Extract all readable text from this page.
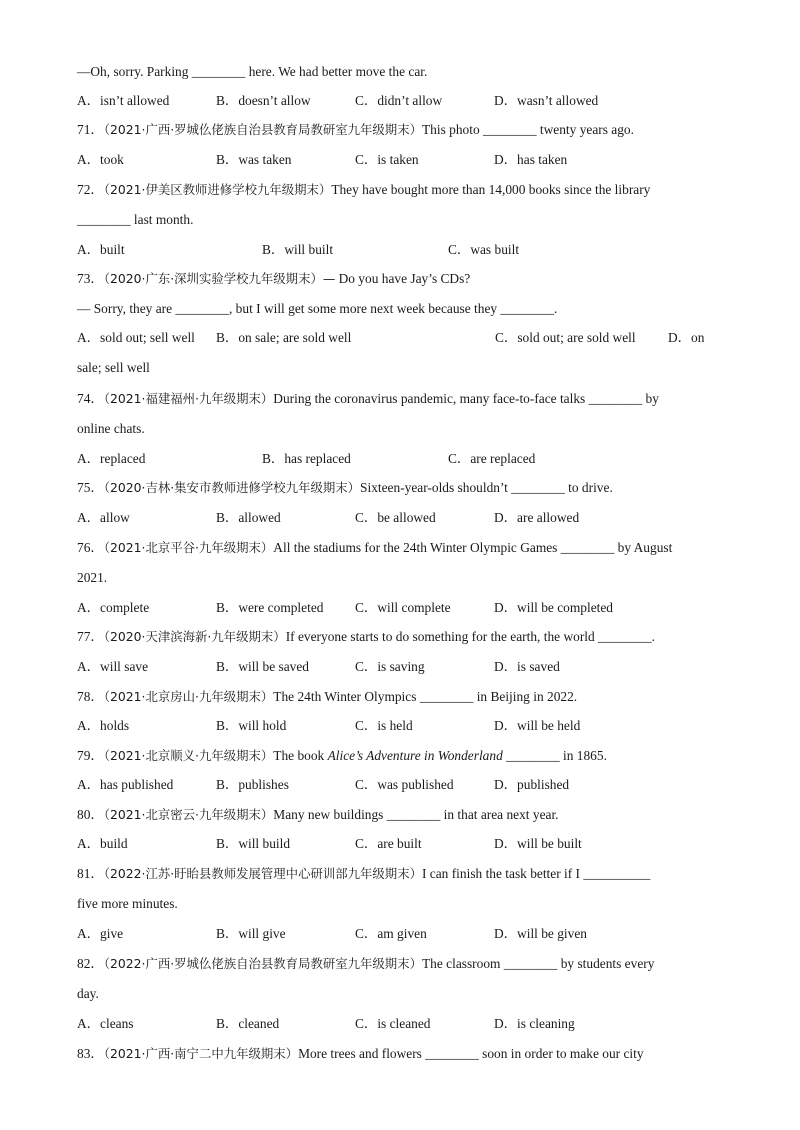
—Oh, sorry. Parking ________ here. We had better move the car.
A．isn’t allowed	B．doesn’t allow	C．didn’t allow	D．wasn’t allowed
71．（2021·广西·罗城仫佬族自治县教育局教研室九年级期末）This photo ________ twenty years ago.
A．took	B．was taken	C．is taken	D．has taken
72．（2021·伊美区教师进修学校九年级期末）They have bought more than 14,000 books since the library
________ last month.
A．built	B．will built	C．was built
73．（2020·广东·深圳实验学校九年级期末）— Do you have Jay’s CDs?
— Sorry, they are ________, but I will get some more next week because they ________.
A．sold out; sell well B．on sale; are sold well	C．sold out; are sold well D．on
sale; sell well
74．（2021·福建福州·九年级期末）During the coronavirus pandemic, many face-to-face talks ________ by
online chats.
A．replaced	B．has replaced	C．are replaced
75．（2020·吉林·集安市教师进修学校九年级期末）Sixteen-year-olds shouldn’t ________ to drive.
A．allow	B．allowed	C．be allowed	D．are allowed
76．（2021·北京平谷·九年级期末）All the stadiums for the 24th Winter Olympic Games ________ by August
2021.
A．complete	B．were completed C．will complete	D．will be completed
77．（2020·天津滨海新·九年级期末）If everyone starts to do something for the earth, the world ________.
A．will save	B．will be saved	C．is saving	D．is saved
78．（2021·北京房山·九年级期末）The 24th Winter Olympics ________ in Beijing in 2022.
A．holds	B．will hold	C．is held	D．will be held
79．（2021·北京顺义·九年级期末）The book Alice’s Adventure in Wonderland ________ in 1865.
A．has published	B．publishes	C．was published	D．published
80．（2021·北京密云·九年级期末）Many new buildings ________ in that area next year.
A．build	B．will build	C．are built	D．will be built
81．（2022·江苏·盱眙县教师发展管理中心研训部九年级期末）I can finish the task better if I __________
five more minutes.
A．give	B．will give	C．am given	D．will be given
82．（2022·广西·罗城仫佬族自治县教育局教研室九年级期末）The classroom ________ by students every
day.
A．cleans	B．cleaned	C．is cleaned	D．is cleaning
83．（2021·广西·南宁二中九年级期末）More trees and flowers ________ soon in order to make our city
